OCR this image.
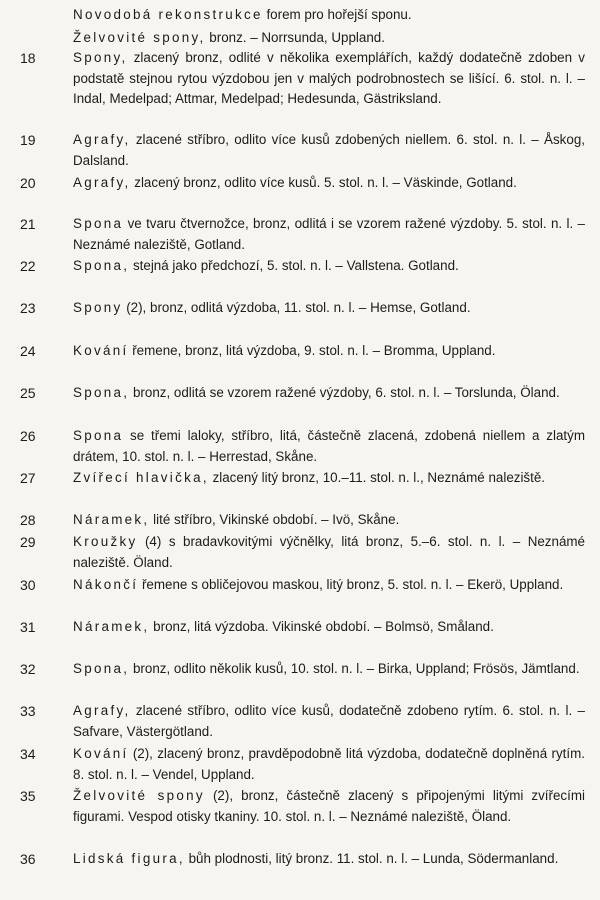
Novodobá rekonstrukce forem pro hořejší sponu.
Želvovité spony, bronz. – Norrsunda, Uppland.
18	Spony, zlacený bronz, odlité v několika exemplářích, každý dodatečně zdoben v podstatě stejnou rytou výzdobou jen v malých podrobnostech se lišící. 6. stol. n. l. – Indal, Medelpad; Attmar, Medelpad; Hedesunda, Gästriksland.
19	Agrafy, zlacené stříbro, odlito více kusů zdobených niellem. 6. stol. n. l. – Åskog, Dalsland.
20	Agrafy, zlacený bronz, odlito více kusů. 5. stol. n. l. – Väskinde, Gotland.
21	Spona ve tvaru čtvernožce, bronz, odlitá i se vzorem ražené výzdoby. 5. stol. n. l. – Neznámé naleziště, Gotland.
22	Spona, stejná jako předchozí, 5. stol. n. l. – Vallstena. Gotland.
23	Spony (2), bronz, odlitá výzdoba, 11. stol. n. l. – Hemse, Gotland.
24	Kování řemene, bronz, litá výzdoba, 9. stol. n. l. – Bromma, Uppland.
25	Spona, bronz, odlitá se vzorem ražené výzdoby, 6. stol. n. l. – Torslunda, Öland.
26	Spona se třemi laloky, stříbro, litá, částečně zlacená, zdobená niellem a zlatým drátem, 10. stol. n. l. – Herrestad, Skåne.
27	Zvířecí hlavička, zlacený litý bronz, 10.–11. stol. n. l., Neznámé naleziště.
28	Náramek, lité stříbro, Vikinské období. – Ivö, Skåne.
29	Kroužky (4) s bradavkovitými výčnělky, litá bronz, 5.–6. stol. n. l. – Neznámé naleziště. Öland.
30	Nákončí řemene s obličejovou maskou, litý bronz, 5. stol. n. l. – Ekerö, Uppland.
31	Náramek, bronz, litá výzdoba. Vikinské období. – Bolmsö, Småland.
32	Spona, bronz, odlito několik kusů, 10. stol. n. l. – Birka, Uppland; Frösös, Jämtland.
33	Agrafy, zlacené stříbro, odlito více kusů, dodatečně zdobeno rytím. 6. stol. n. l. – Safvare, Västergötland.
34	Kování (2), zlacený bronz, pravděpodobně litá výzdoba, dodatečně doplněná rytím. 8. stol. n. l. – Vendel, Uppland.
35	Želvovité spony (2), bronz, částečně zlacený s připojenými litými zvířecími figurami. Vespod otisky tkaniny. 10. stol. n. l. – Neznámé naleziště, Öland.
36	Lidská figura, bůh plodnosti, litý bronz. 11. stol. n. l. – Lunda, Södermanland.
